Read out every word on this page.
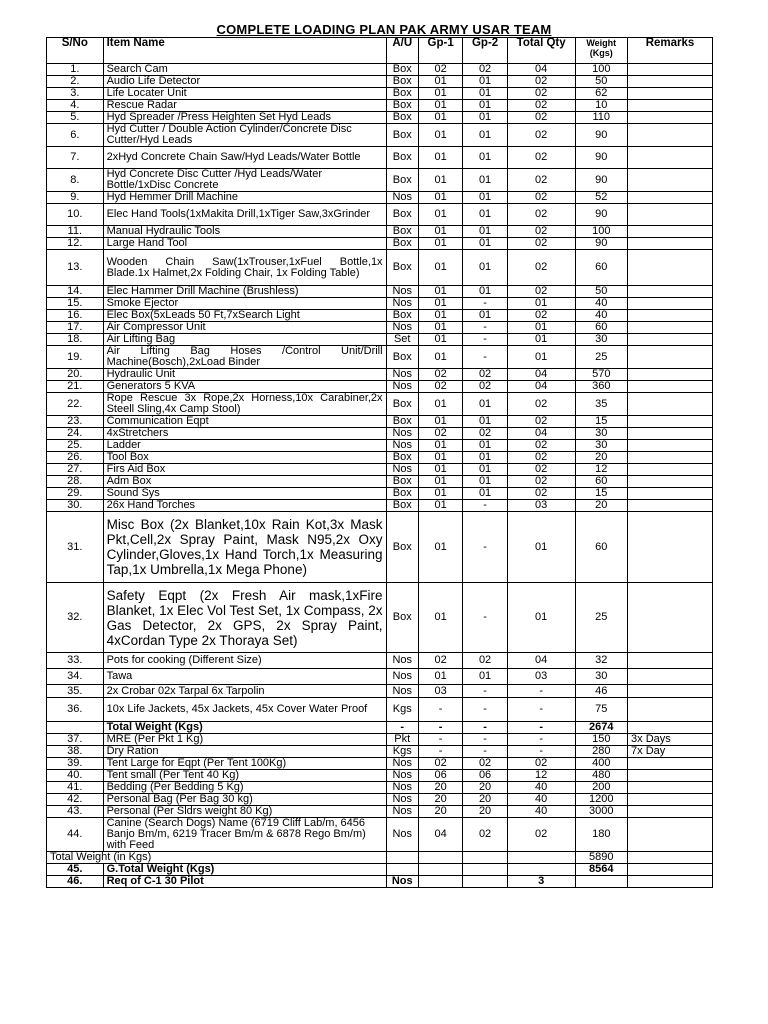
COMPLETE LOADING PLAN PAK ARMY USAR TEAM
S/No	Item Name	A/U	Gp-1	Gp-2	Total Qty	Weight (Kgs)	Remarks
1.	Search Cam	Box	02	02	04	100	
2.	Audio Life Detector	Box	01	01	02	50	
3.	Life Locater Unit	Box	01	01	02	62	
4.	Rescue Radar	Box	01	01	02	10	
5.	Hyd Spreader /Press Heighten Set Hyd Leads	Box	01	01	02	110	
6.	Hyd Cutter / Double Action Cylinder/Concrete Disc Cutter/Hyd Leads	Box	01	01	02	90	
7.	2xHyd Concrete Chain Saw/Hyd Leads/Water Bottle	Box	01	01	02	90	
8.	Hyd Concrete Disc Cutter /Hyd Leads/Water Bottle/1xDisc Concrete	Box	01	01	02	90	
9.	Hyd Hemmer Drill Machine	Nos	01	01	02	52	
10.	Elec Hand Tools(1xMakita Drill,1xTiger Saw,3xGrinder	Box	01	01	02	90	
11.	Manual Hydraulic Tools	Box	01	01	02	100	
12.	Large Hand Tool	Box	01	01	02	90	
13.	Wooden Chain Saw(1xTrouser,1xFuel Bottle,1x Blade.1x Halmet,2x Folding Chair, 1x Folding Table)	Box	01	01	02	60	
14.	Elec Hammer Drill Machine (Brushless)	Nos	01	01	02	50	
15.	Smoke Ejector	Nos	01	-	01	40	
16.	Elec Box(5xLeads 50 Ft,7xSearch Light	Box	01	01	02	40	
17.	Air Compressor Unit	Nos	01	-	01	60	
18.	Air Lifting Bag	Set	01	-	01	30	
19.	Air Lifting Bag Hoses /Control Unit/Drill Machine(Bosch),2xLoad Binder	Box	01	-	01	25	
20.	Hydraulic Unit	Nos	02	02	04	570	
21.	Generators 5 KVA	Nos	02	02	04	360	
22.	Rope Rescue 3x Rope,2x Horness,10x Carabiner,2x Steell Sling,4x Camp Stool)	Box	01	01	02	35	
23.	Communication Eqpt	Box	01	01	02	15	
24.	4xStretchers	Nos	02	02	04	30	
25.	Ladder	Nos	01	01	02	30	
26.	Tool Box	Box	01	01	02	20	
27.	Firs Aid Box	Nos	01	01	02	12	
28.	Adm Box	Box	01	01	02	60	
29.	Sound Sys	Box	01	01	02	15	
30.	26x Hand Torches	Box	01	-	03	20	
31.	Misc Box (2x Blanket,10x Rain Kot,3x Mask Pkt,Cell,2x Spray Paint, Mask N95,2x Oxy Cylinder,Gloves,1x Hand Torch,1x Measuring Tap,1x Umbrella,1x Mega Phone)	Box	01	-	01	60	
32.	Safety Eqpt (2x Fresh Air mask,1xFire Blanket, 1x Elec Vol Test Set, 1x Compass, 2x Gas Detector, 2x GPS, 2x Spray Paint, 4xCordan Type 2x Thoraya Set)	Box	01	-	01	25	
33.	Pots for cooking (Different Size)	Nos	02	02	04	32	
34.	Tawa	Nos	01	01	03	30	
35.	2x Crobar 02x Tarpal 6x Tarpolin	Nos	03	-	-	46	
36.	10x Life Jackets, 45x Jackets, 45x Cover Water Proof	Kgs	-	-	-	75	
	Total Weight (Kgs)	-	-	-	-	2674	
37.	MRE (Per Pkt 1 Kg)	Pkt	-	-	-	150	3x Days
38.	Dry Ration	Kgs	-	-	-	280	7x Day
39.	Tent Large for Eqpt (Per Tent 100Kg)	Nos	02	02	02	400	
40.	Tent small (Per Tent 40 Kg)	Nos	06	06	12	480	
41.	Bedding (Per Bedding 5 Kg)	Nos	20	20	40	200	
42.	Personal Bag (Per Bag 30 kg)	Nos	20	20	40	1200	
43.	Personal (Per Sldrs weight 80 Kg)	Nos	20	20	40	3000	
44.	Canine (Search Dogs) Name (6719 Cliff Lab/m, 6456 Banjo Bm/m, 6219 Tracer Bm/m & 6878 Rego Bm/m) with Feed	Nos	04	02	02	180	
Total Weight (in Kgs)						5890	
45.	G.Total Weight (Kgs)					8564	
46.	Req of C-1 30 Pilot	Nos			3		
